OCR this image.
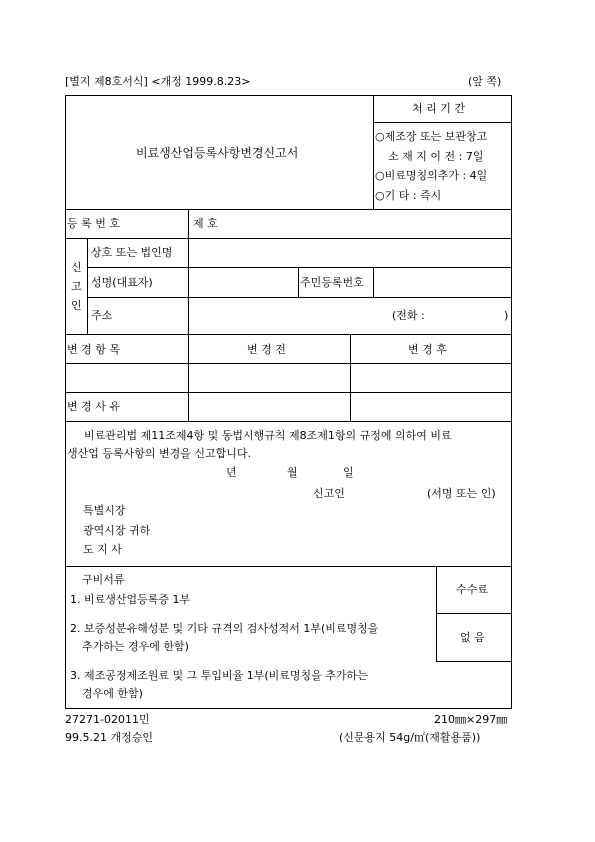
[별지 제8호서식] <개정 1999.8.23>	(앞 쪽)
비료생산업등록사항변경신고서
처 리 기 간
○제조장 또는 보관창고
소 재 지 이 전 : 7일
○비료명칭의추가 : 4일
○기 타 : 즉시
등 록 번 호	제 호
신
고
인
상호 또는 법인명
성명(대표자)	주민등록번호
주소	(전화 :	)
변 경 항 목	변 경 전	변 경 후
변 경 사 유
비료관리법 제11조제4항 및 동법시행규칙 제8조제1항의 규정에 의하여 비료
생산업 등록사항의 변경을 신고합니다.
년	월	일
신고인	(서명 또는 인)
특별시장
광역시장 귀하
도 지 사
구비서류
1. 비료생산업등록증 1부
2. 보증성분유해성분 및 기타 규격의 검사성적서 1부(비료명칭을
추가하는 경우에 한함)
3. 제조공정제조원료 및 그 투입비율 1부(비료명칭을 추가하는
경우에 한함)
수수료
없 음
27271-02011민
99.5.21 개정승인
210㎜×297㎜
(신문용지 54g/㎡(재활용품))
